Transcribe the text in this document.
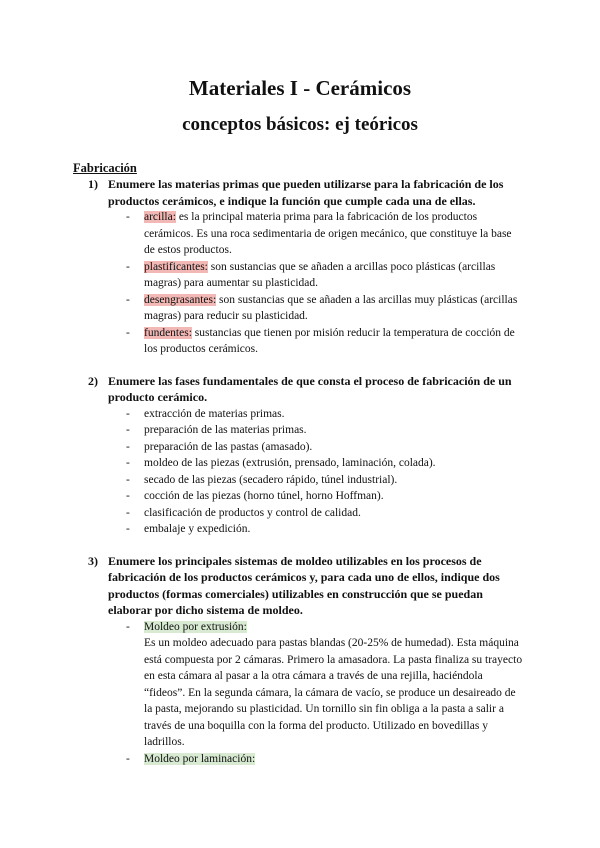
Materiales I - Cerámicos
conceptos básicos: ej teóricos
Fabricación
1) Enumere las materias primas que pueden utilizarse para la fabricación de los productos cerámicos, e indique la función que cumple cada una de ellas.
- arcilla: es la principal materia prima para la fabricación de los productos cerámicos. Es una roca sedimentaria de origen mecánico, que constituye la base de estos productos.
- plastificantes: son sustancias que se añaden a arcillas poco plásticas (arcillas magras) para aumentar su plasticidad.
- desengrasantes: son sustancias que se añaden a las arcillas muy plásticas (arcillas magras) para reducir su plasticidad.
- fundentes: sustancias que tienen por misión reducir la temperatura de cocción de los productos cerámicos.
2) Enumere las fases fundamentales de que consta el proceso de fabricación de un producto cerámico.
- extracción de materias primas.
- preparación de las materias primas.
- preparación de las pastas (amasado).
- moldeo de las piezas (extrusión, prensado, laminación, colada).
- secado de las piezas (secadero rápido, túnel industrial).
- cocción de las piezas (horno túnel, horno Hoffman).
- clasificación de productos y control de calidad.
- embalaje y expedición.
3) Enumere los principales sistemas de moldeo utilizables en los procesos de fabricación de los productos cerámicos y, para cada uno de ellos, indique dos productos (formas comerciales) utilizables en construcción que se puedan elaborar por dicho sistema de moldeo.
- Moldeo por extrusión:
Es un moldeo adecuado para pastas blandas (20-25% de humedad). Esta máquina está compuesta por 2 cámaras. Primero la amasadora. La pasta finaliza su trayecto en esta cámara al pasar a la otra cámara a través de una rejilla, haciéndola “fideos”. En la segunda cámara, la cámara de vacío, se produce un desaireado de la pasta, mejorando su plasticidad. Un tornillo sin fin obliga a la pasta a salir a través de una boquilla con la forma del producto. Utilizado en bovedillas y ladrillos.
- Moldeo por laminación:
